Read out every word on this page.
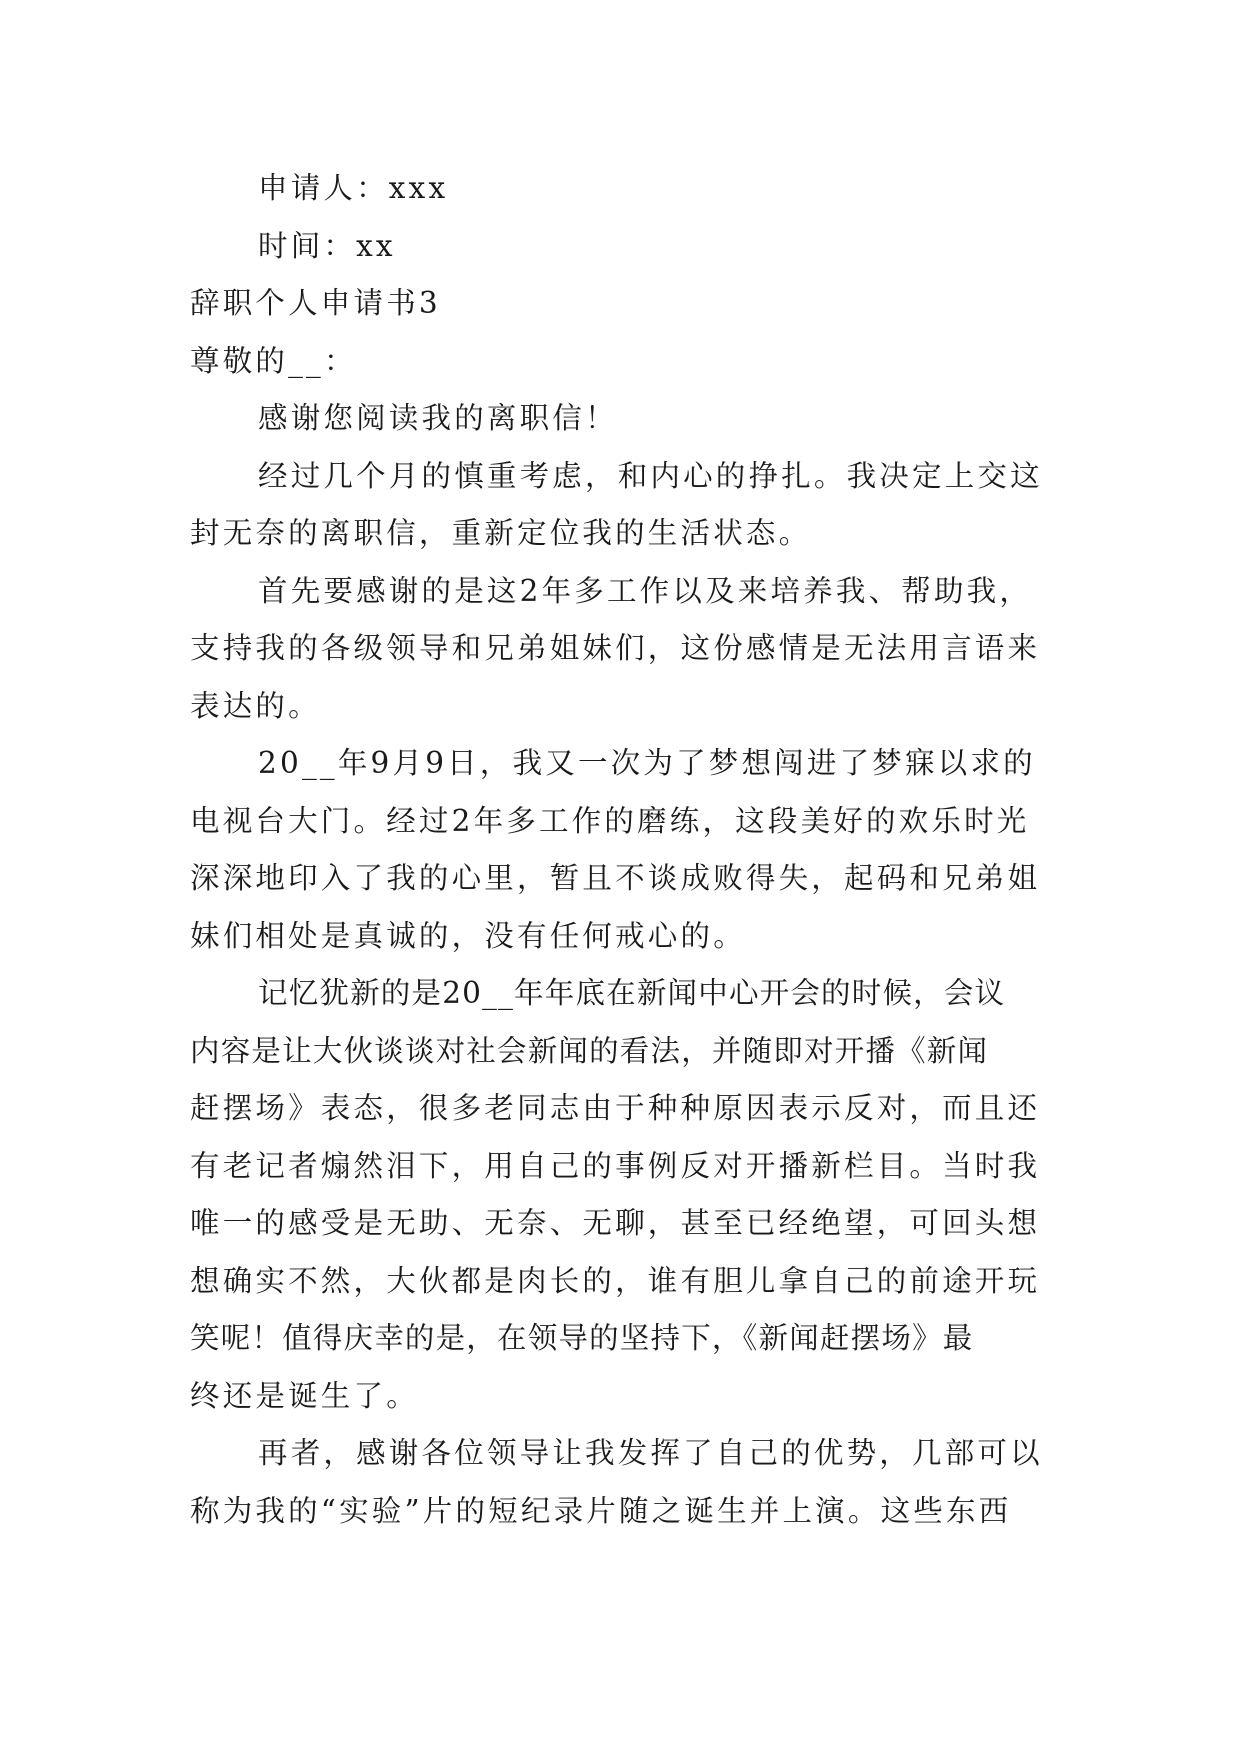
申请人：xxx
时间：xx
辞职个人申请书3
尊敬的__：
感谢您阅读我的离职信！
经过几个月的慎重考虑，和内心的挣扎。我决定上交这
封无奈的离职信，重新定位我的生活状态。
首先要感谢的是这2年多工作以及来培养我、帮助我，
支持我的各级领导和兄弟姐妹们，这份感情是无法用言语来
表达的。
20__年9月9日，我又一次为了梦想闯进了梦寐以求的
电视台大门。经过2年多工作的磨练，这段美好的欢乐时光
深深地印入了我的心里，暂且不谈成败得失，起码和兄弟姐
妹们相处是真诚的，没有任何戒心的。
记忆犹新的是20__年年底在新闻中心开会的时候，会议
内容是让大伙谈谈对社会新闻的看法，并随即对开播《新闻
赶摆场》表态，很多老同志由于种种原因表示反对，而且还
有老记者煽然泪下，用自己的事例反对开播新栏目。当时我
唯一的感受是无助、无奈、无聊，甚至已经绝望，可回头想
想确实不然，大伙都是肉长的，谁有胆儿拿自己的前途开玩
笑呢！值得庆幸的是，在领导的坚持下，《新闻赶摆场》最
终还是诞生了。
再者，感谢各位领导让我发挥了自己的优势，几部可以
称为我的“实验”片的短纪录片随之诞生并上演。这些东西
